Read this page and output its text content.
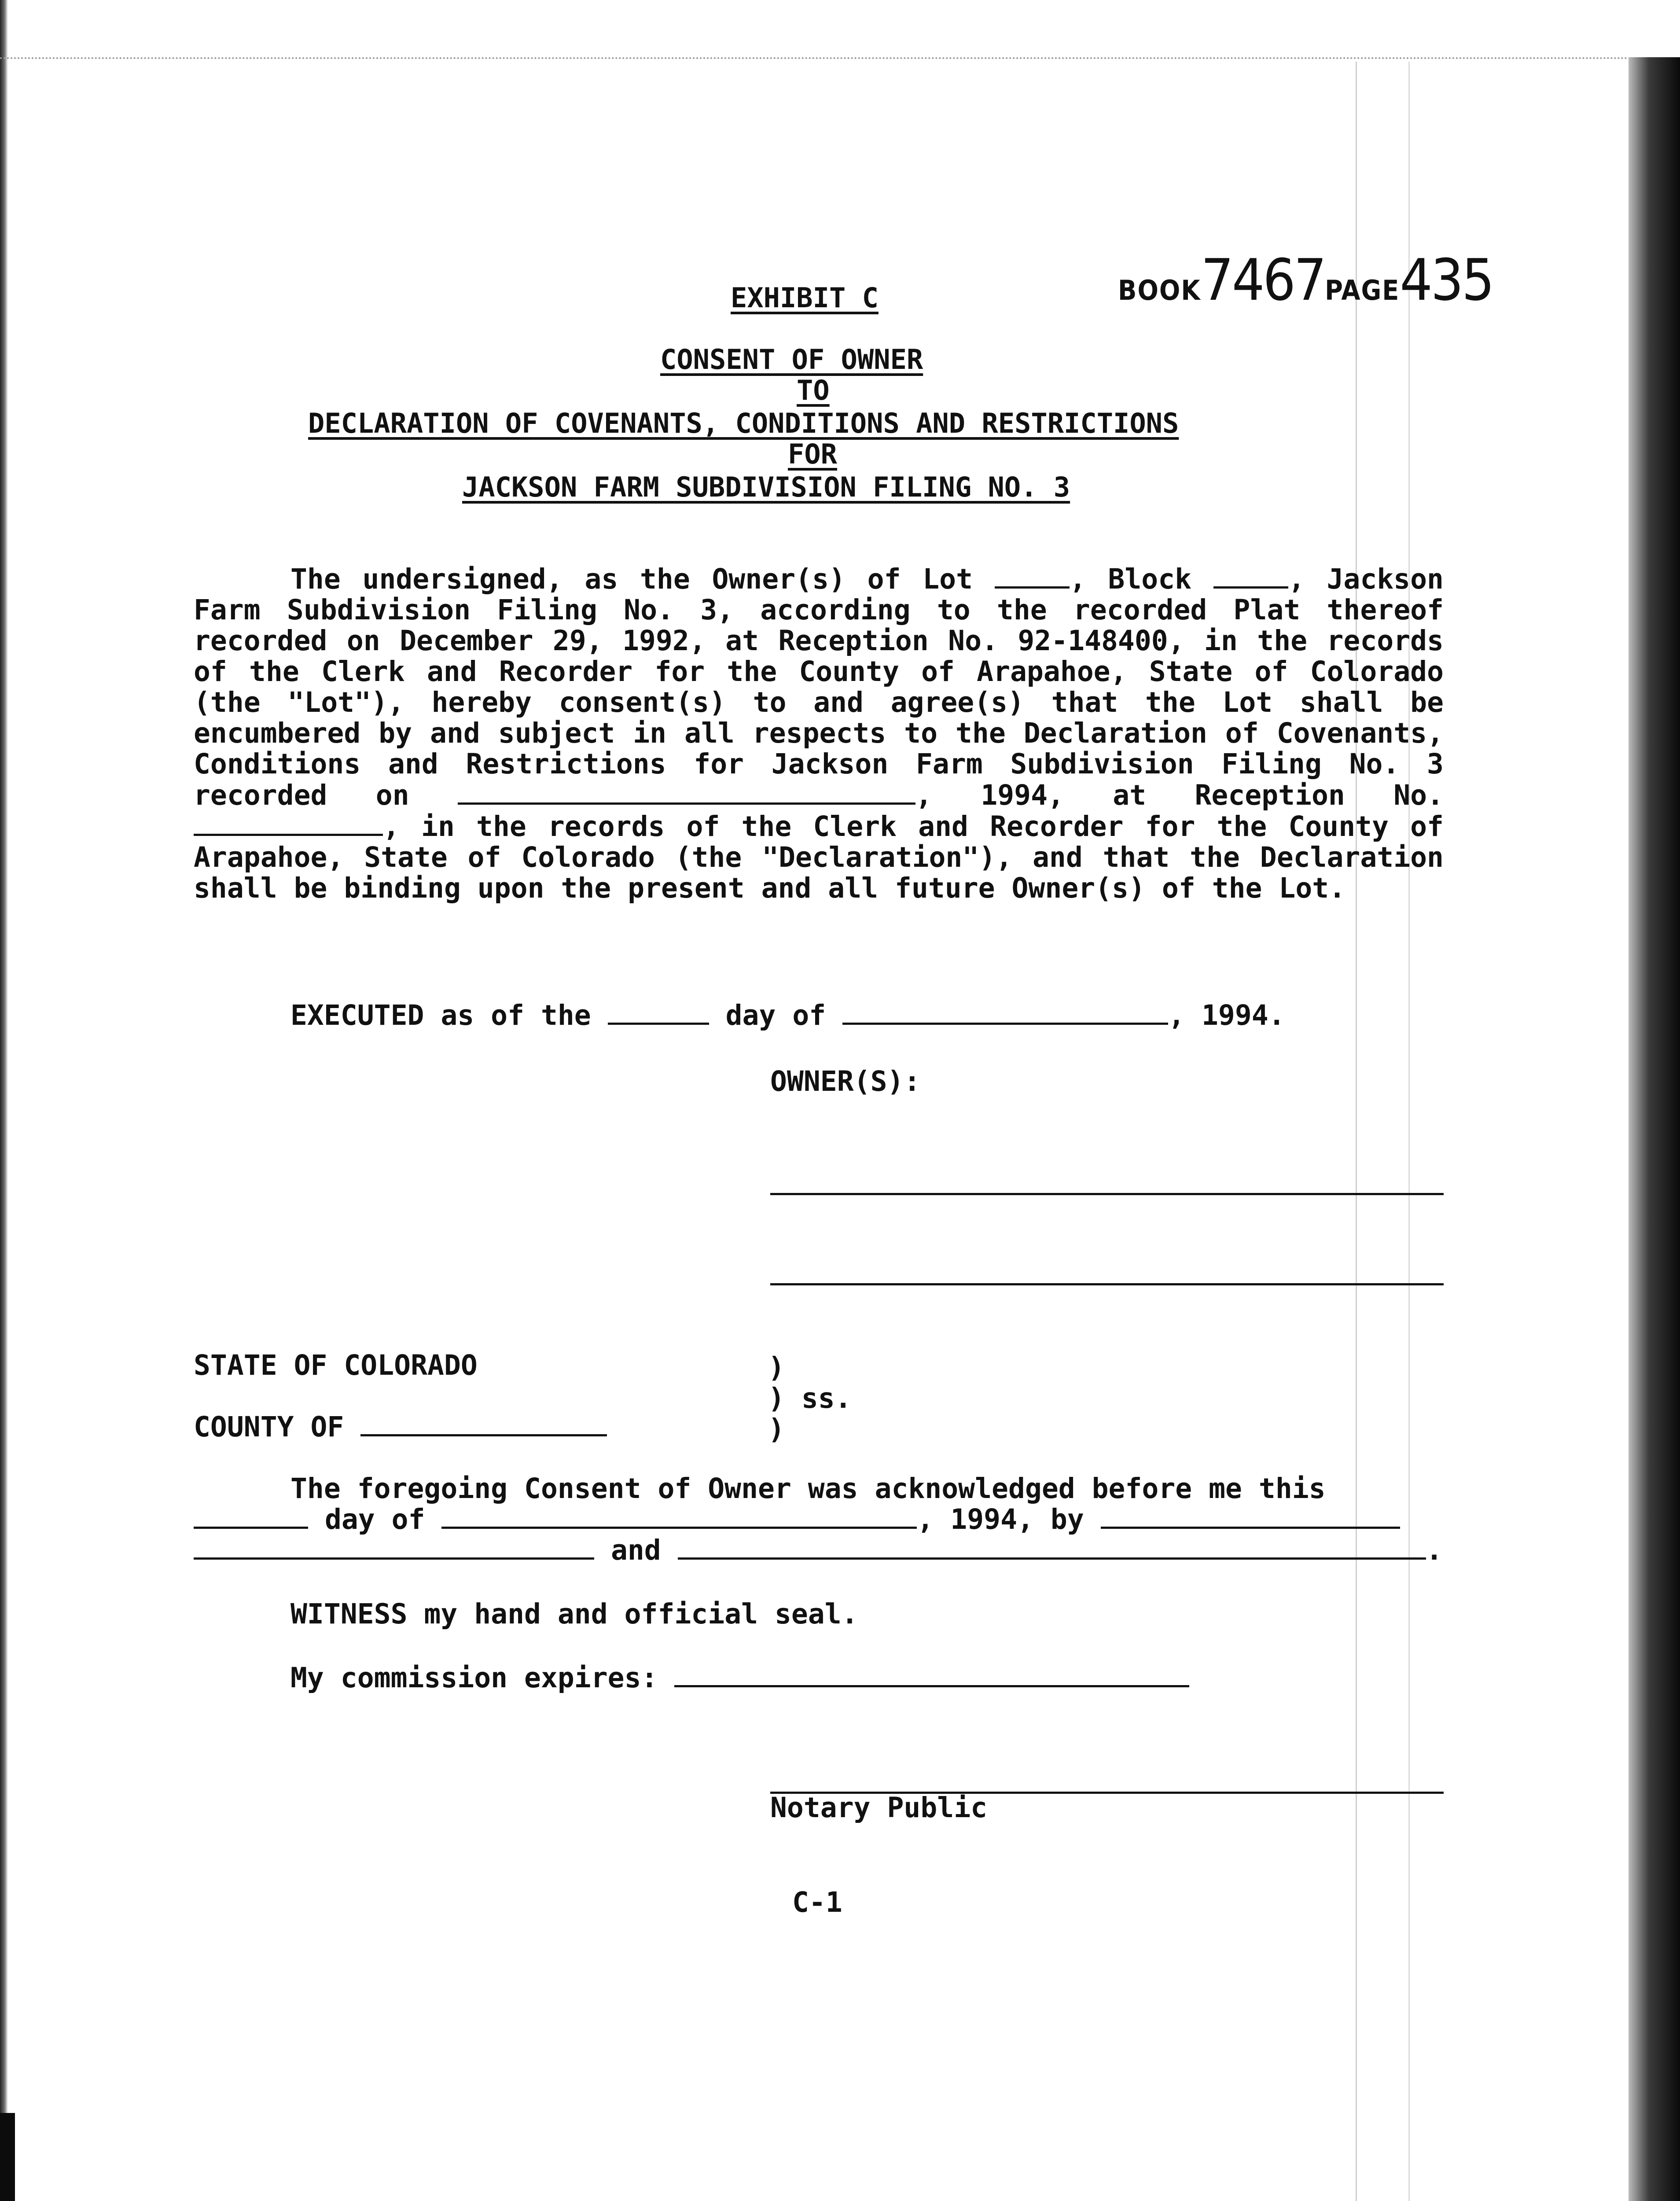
BOOK7467PAGE435
EXHIBIT C
CONSENT OF OWNER
TO
DECLARATION OF COVENANTS, CONDITIONS AND RESTRICTIONS
FOR
JACKSON FARM SUBDIVISION FILING NO. 3
The undersigned, as the Owner(s) of Lot	, Block	, Jackson Farm Subdivision Filing No. 3, according to the recorded Plat thereof recorded on December 29, 1992, at Reception No. 92-148400, in the records of the Clerk and Recorder for the County of Arapahoe, State of Colorado (the "Lot"), hereby consent(s) to and agree(s) that the Lot shall be encumbered by and subject in all respects to the Declaration of Covenants, Conditions and Restrictions for Jackson Farm Subdivision Filing No. 3 recorded on	, 1994, at Reception No. , in the records of the Clerk and Recorder for the County of Arapahoe, State of Colorado (the "Declaration"), and that the Declaration shall be binding upon the present and all future Owner(s) of the Lot.
EXECUTED as of the	day of	, 1994.
OWNER(S):
STATE OF COLORADO
COUNTY OF
)
) ss.
)
The foregoing Consent of Owner was acknowledged before me this
day of	, 1994, by
and	.
WITNESS my hand and official seal.
My commission expires:
Notary Public
C-1
